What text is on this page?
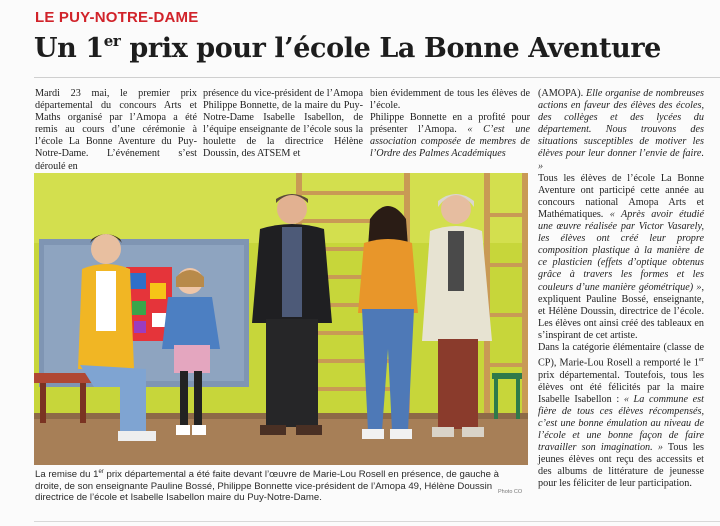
LE PUY-NOTRE-DAME
Un 1er prix pour l’école La Bonne Aventure

Mardi 23 mai, le premier prix départemental du concours Arts et Maths organisé par l’Amopa a été remis au cours d’une cérémonie à l’école La Bonne Aventure du Puy-Notre-Dame. L’événement s’est déroulé en

présence du vice-président de l’Amopa Philippe Bonnette, de la maire du Puy-Notre-Dame Isabelle Isabellon, de l’équipe enseignante de l’école sous la houlette de la directrice Hélène Doussin, des ATSEM et

bien évidemment de tous les élèves de l’école.

Philippe Bonnette en a profité pour présenter l’Amopa. « C’est une association composée de membres de l’Ordre des Palmes Académiques

(AMOPA). Elle organise de nombreuses actions en faveur des élèves des écoles, des collèges et des lycées du département. Nous trouvons des situations susceptibles de motiver les élèves pour leur donner l’envie de faire. »

Tous les élèves de l’école La Bonne Aventure ont participé cette année au concours national Amopa Arts et Mathématiques. « Après avoir étudié une œuvre réalisée par Victor Vasarely, les élèves ont créé leur propre composition plastique à la manière de ce plasticien (effets d’optique obtenus grâce à travers les formes et les couleurs d’une manière géométrique) », expliquent Pauline Bossé, enseignante, et Hélène Doussin, directrice de l’école. Les élèves ont ainsi créé des tableaux en s’inspirant de cet artiste.

Dans la catégorie élémentaire (classe de CP), Marie-Lou Rosell a remporté le 1er prix départemental. Toutefois, tous les élèves ont été félicités par la maire Isabelle Isabellon : « La commune est fière de tous ces élèves récompensés, c’est une bonne émulation au niveau de l’école et une bonne façon de faire travailler son imagination. » Tous les jeunes élèves ont reçu des accessits et des albums de littérature de jeunesse pour les féliciter de leur participation.

La remise du 1er prix départemental a été faite devant l’œuvre de Marie-Lou Rosell en présence, de gauche à droite, de son enseignante Pauline Bossé, Philippe Bonnette vice-président de l’Amopa 49, Hélène Doussin directrice de l’école et Isabelle Isabellon maire du Puy-Notre-Dame.
Photo CO
